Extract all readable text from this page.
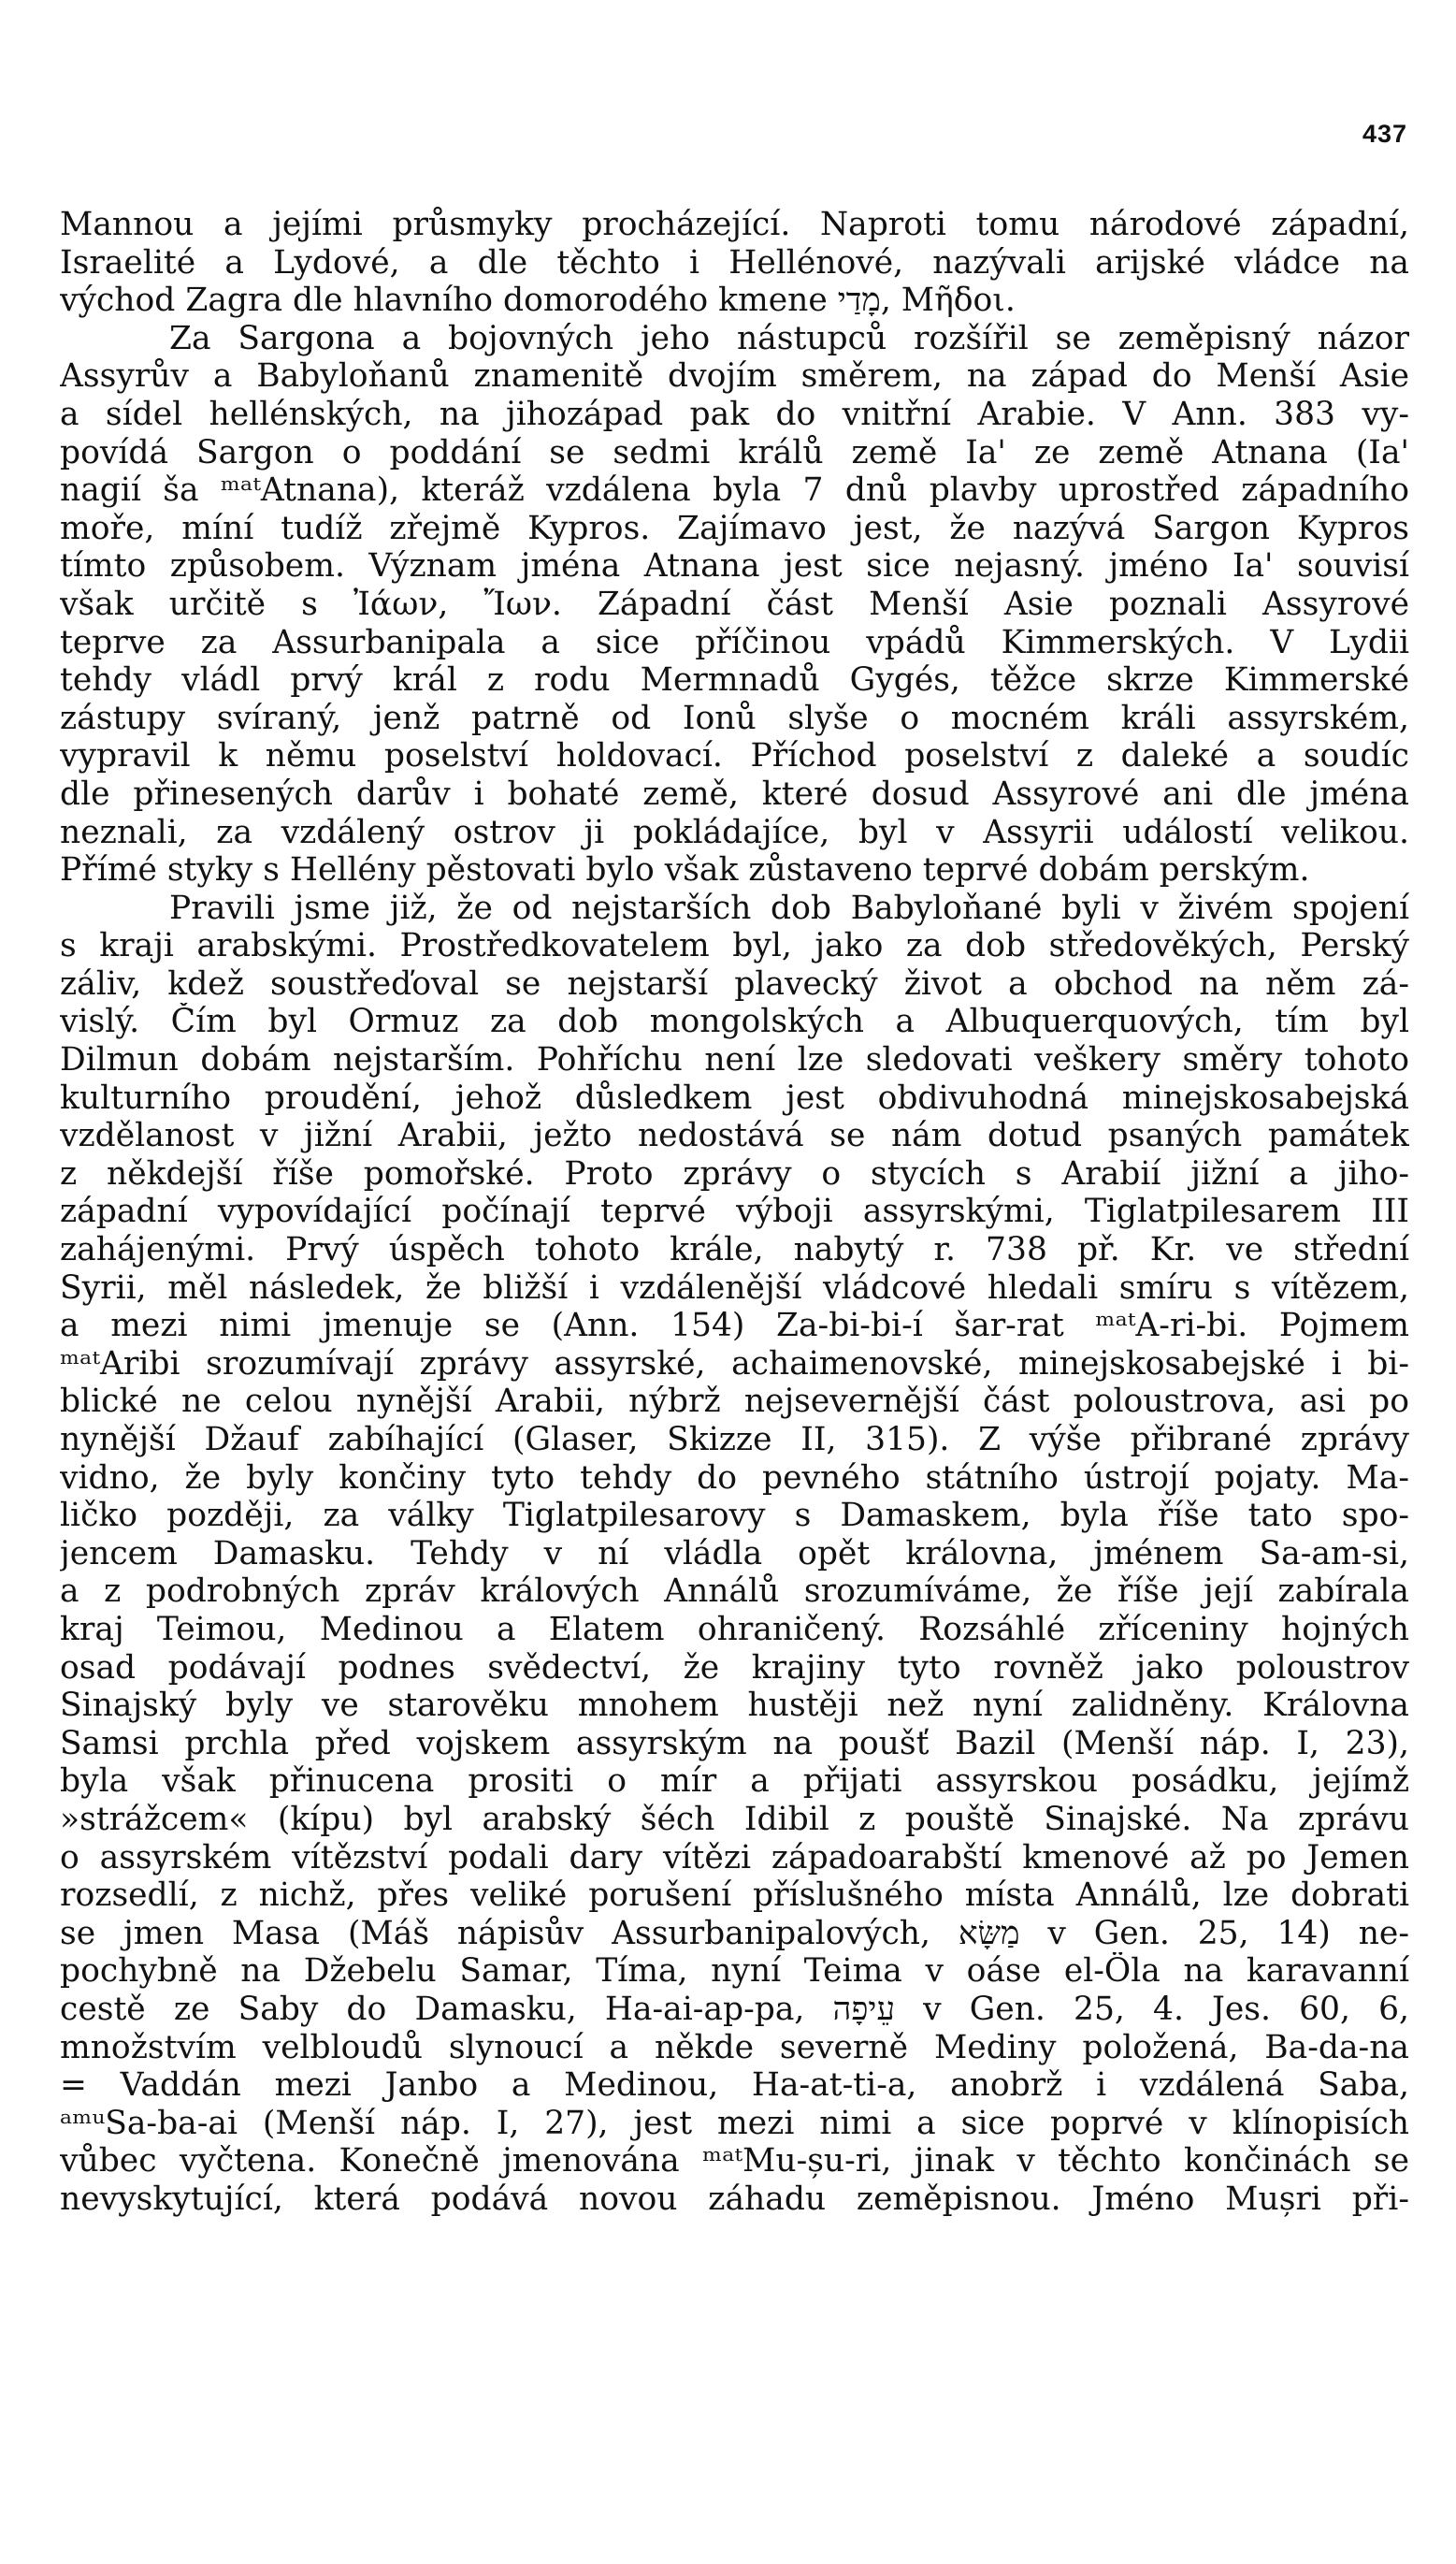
437
Mannou a jejími průsmyky procházející. Naproti tomu národové západní,
Israelité a Lydové, a dle těchto i Hellénové, nazývali arijské vládce na
východ Zagra dle hlavního domorodého kmene מָדַי, Μῆδοι.
Za Sargona a bojovných jeho nástupců rozšířil se zeměpisný názor
Assyrův a Babyloňanů znamenitě dvojím směrem, na západ do Menší Asie
a sídel hellénských, na jihozápad pak do vnitřní Arabie. V Ann. 383 vy-
povídá Sargon o poddání se sedmi králů země Ia' ze země Atnana (Ia'
nagií ša ᵐᵃᵗAtnana), kteráž vzdálena byla 7 dnů plavby uprostřed západního
moře, míní tudíž zřejmě Kypros. Zajímavo jest, že nazývá Sargon Kypros
tímto způsobem. Význam jména Atnana jest sice nejasný. jméno Ia' souvisí
však určitě s Ἰάων, Ἴων. Západní část Menší Asie poznali Assyrové
teprve za Assurbanipala a sice příčinou vpádů Kimmerských. V Lydii
tehdy vládl prvý král z rodu Mermnadů Gygés, těžce skrze Kimmerské
zástupy svíraný, jenž patrně od Ionů slyše o mocném králi assyrském,
vypravil k němu poselství holdovací. Příchod poselství z daleké a soudíc
dle přinesených darův i bohaté země, které dosud Assyrové ani dle jména
neznali, za vzdálený ostrov ji pokládajíce, byl v Assyrii událostí velikou.
Přímé styky s Hellény pěstovati bylo však zůstaveno teprvé dobám perským.
Pravili jsme již, že od nejstarších dob Babyloňané byli v živém spojení
s kraji arabskými. Prostředkovatelem byl, jako za dob středověkých, Perský
záliv, kdež soustřeďoval se nejstarší plavecký život a obchod na něm zá-
vislý. Čím byl Ormuz za dob mongolských a Albuquerquových, tím byl
Dilmun dobám nejstarším. Pohříchu není lze sledovati veškery směry tohoto
kulturního proudění, jehož důsledkem jest obdivuhodná minejskosabejská
vzdělanost v jižní Arabii, ježto nedostává se nám dotud psaných památek
z někdejší říše pomořské. Proto zprávy o stycích s Arabií jižní a jiho-
západní vypovídající počínají teprvé výboji assyrskými, Tiglatpilesarem III
zahájenými. Prvý úspěch tohoto krále, nabytý r. 738 př. Kr. ve střední
Syrii, měl následek, že bližší i vzdálenější vládcové hledali smíru s vítězem,
a mezi nimi jmenuje se (Ann. 154) Za-bi-bi-í šar-rat ᵐᵃᵗA-ri-bi. Pojmem
ᵐᵃᵗAribi srozumívají zprávy assyrské, achaimenovské, minejskosabejské i bi-
blické ne celou nynější Arabii, nýbrž nejsevernější část poloustrova, asi po
nynější Džauf zabíhající (Glaser, Skizze II, 315). Z výše přibrané zprávy
vidno, že byly končiny tyto tehdy do pevného státního ústrojí pojaty. Ma-
ličko později, za války Tiglatpilesarovy s Damaskem, byla říše tato spo-
jencem Damasku. Tehdy v ní vládla opět královna, jménem Sa-am-si,
a z podrobných zpráv králových Annálů srozumíváme, že říše její zabírala
kraj Teimou, Medinou a Elatem ohraničený. Rozsáhlé zříceniny hojných
osad podávají podnes svědectví, že krajiny tyto rovněž jako poloustrov
Sinajský byly ve starověku mnohem hustěji než nyní zalidněny. Královna
Samsi prchla před vojskem assyrským na poušť Bazil (Menší náp. I, 23),
byla však přinucena prositi o mír a přijati assyrskou posádku, jejímž
»strážcem« (kípu) byl arabský šéch Idibil z pouště Sinajské. Na zprávu
o assyrském vítězství podali dary vítězi západoarabští kmenové až po Jemen
rozsedlí, z nichž, přes veliké porušení příslušného místa Annálů, lze dobrati
se jmen Masa (Máš nápisův Assurbanipalových, מַשָּׂא v Gen. 25, 14) ne-
pochybně na Džebelu Samar, Tíma, nyní Teima v oáse el-Öla na karavanní
cestě ze Saby do Damasku, Ha-ai-ap-pa, עֵיפָה v Gen. 25, 4. Jes. 60, 6,
množstvím velbloudů slynoucí a někde severně Mediny položená, Ba-da-na
= Vaddán mezi Janbo a Medinou, Ha-at-ti-a, anobrž i vzdálená Saba,
ᵃᵐᵘSa-ba-ai (Menší náp. I, 27), jest mezi nimi a sice poprvé v klínopisích
vůbec vyčtena. Konečně jmenována ᵐᵃᵗMu-șu-ri, jinak v těchto končinách se
nevyskytující, která podává novou záhadu zeměpisnou. Jméno Mușri při-
